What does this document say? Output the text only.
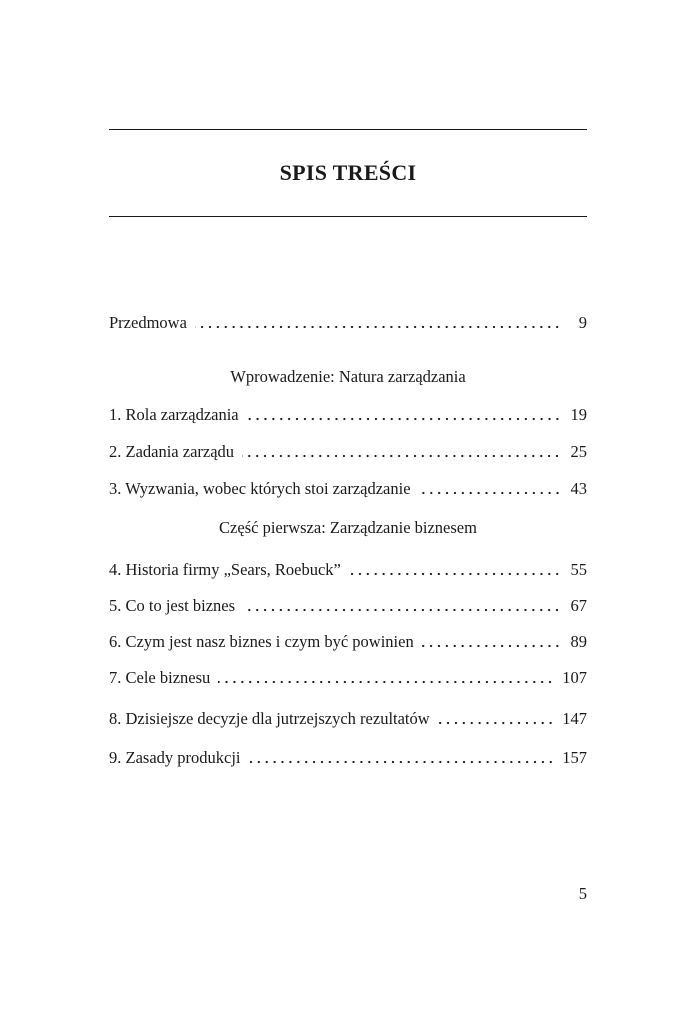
SPIS TREŚCI
Przedmowa	9
Wprowadzenie: Natura zarządzania
1. Rola zarządzania	19
2. Zadania zarządu	25
3. Wyzwania, wobec których stoi zarządzanie	43
Część pierwsza: Zarządzanie biznesem
4. Historia firmy „Sears, Roebuck”	55
5. Co to jest biznes	67
6. Czym jest nasz biznes i czym być powinien	89
7. Cele biznesu	107
8. Dzisiejsze decyzje dla jutrzejszych rezultatów	147
9. Zasady produkcji	157
5
